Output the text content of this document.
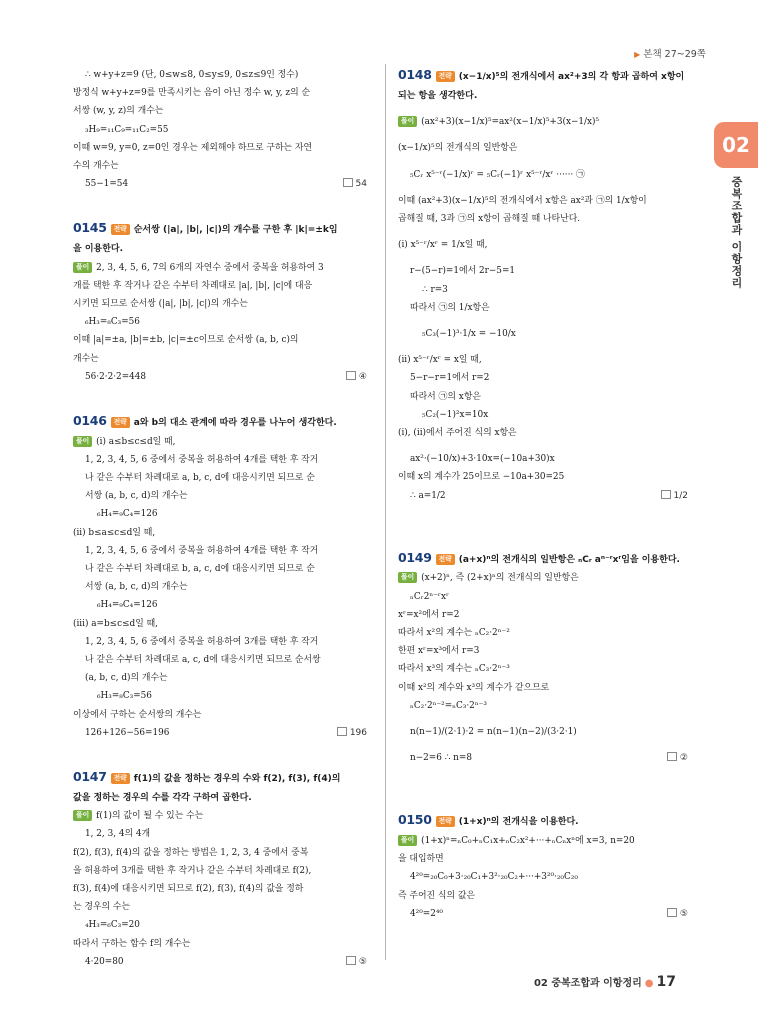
▶ 본책 27~29쪽
02
중복조합과 이항정리
∴ w+y+z=9 (단, 0≤w≤8, 0≤y≤9, 0≤z≤9인 정수)
방정식 w+y+z=9를 만족시키는 음이 아닌 정수 w, y, z의 순
서쌍 (w, y, z)의 개수는
₃H₉=₁₁C₉=₁₁C₂=55
이때 w=9, y=0, z=0인 경우는 제외해야 하므로 구하는 자연
수의 개수는
55−1=54	54
0145 전략 순서쌍 (|a|, |b|, |c|)의 개수를 구한 후 |k|=±k임
을 이용한다.
풀이 2, 3, 4, 5, 6, 7의 6개의 자연수 중에서 중복을 허용하여 3
개를 택한 후 작거나 같은 수부터 차례대로 |a|, |b|, |c|에 대응
시키면 되므로 순서쌍 (|a|, |b|, |c|)의 개수는
₆H₃=₈C₃=56
이때 |a|=±a, |b|=±b, |c|=±c이므로 순서쌍 (a, b, c)의
개수는
56·2·2·2=448	④
0146 전략 a와 b의 대소 관계에 따라 경우를 나누어 생각한다.
풀이 (i) a≤b≤c≤d일 때,
1, 2, 3, 4, 5, 6 중에서 중복을 허용하여 4개를 택한 후 작거
나 같은 수부터 차례대로 a, b, c, d에 대응시키면 되므로 순
서쌍 (a, b, c, d)의 개수는
₆H₄=₉C₄=126
(ii) b≤a≤c≤d일 때,
1, 2, 3, 4, 5, 6 중에서 중복을 허용하여 4개를 택한 후 작거
나 같은 수부터 차례대로 b, a, c, d에 대응시키면 되므로 순
서쌍 (a, b, c, d)의 개수는
₆H₄=₉C₄=126
(iii) a=b≤c≤d일 때,
1, 2, 3, 4, 5, 6 중에서 중복을 허용하여 3개를 택한 후 작거
나 같은 수부터 차례대로 a, c, d에 대응시키면 되므로 순서쌍
(a, b, c, d)의 개수는
₆H₃=₈C₃=56
이상에서 구하는 순서쌍의 개수는
126+126−56=196	196
0147 전략 f(1)의 값을 정하는 경우의 수와 f(2), f(3), f(4)의
값을 정하는 경우의 수를 각각 구하여 곱한다.
풀이 f(1)의 값이 될 수 있는 수는
1, 2, 3, 4의 4개
f(2), f(3), f(4)의 값을 정하는 방법은 1, 2, 3, 4 중에서 중복
을 허용하여 3개를 택한 후 작거나 같은 수부터 차례대로 f(2),
f(3), f(4)에 대응시키면 되므로 f(2), f(3), f(4)의 값을 정하
는 경우의 수는
₄H₃=₆C₃=20
따라서 구하는 함수 f의 개수는
4·20=80	⑤
0148 전략 (x−1/x)⁵의 전개식에서 ax²+3의 각 항과 곱하여 x항이
되는 항을 생각한다.
풀이 (ax²+3)(x−1/x)⁵=ax²(x−1/x)⁵+3(x−1/x)⁵
(x−1/x)⁵의 전개식의 일반항은
₅Cᵣ x⁵⁻ʳ(−1/x)ʳ = ₅Cᵣ(−1)ʳ x⁵⁻ʳ/xʳ ······ ㉠
이때 (ax²+3)(x−1/x)⁵의 전개식에서 x항은 ax²과 ㉠의 1/x항이
곱해질 때, 3과 ㉠의 x항이 곱해질 때 나타난다.
(i) x⁵⁻ʳ/xʳ = 1/x일 때,
r−(5−r)=1에서 2r−5=1
∴ r=3
따라서 ㉠의 1/x항은
₅C₃(−1)³·1/x = −10/x
(ii) x⁵⁻ʳ/xʳ = x일 때,
5−r−r=1에서 r=2
따라서 ㉠의 x항은
₅C₂(−1)²x=10x
(i), (ii)에서 주어진 식의 x항은
ax²·(−10/x)+3·10x=(−10a+30)x
이때 x의 계수가 25이므로 −10a+30=25
∴ a=1/2	1/2
0149 전략 (a+x)ⁿ의 전개식의 일반항은 ₙCᵣ aⁿ⁻ʳxʳ임을 이용한다.
풀이 (x+2)ⁿ, 즉 (2+x)ⁿ의 전개식의 일반항은
ₙCᵣ2ⁿ⁻ʳxʳ
xʳ=x²에서 r=2
따라서 x²의 계수는 ₙC₂·2ⁿ⁻²
한편 xʳ=x³에서 r=3
따라서 x³의 계수는 ₙC₃·2ⁿ⁻³
이때 x²의 계수와 x³의 계수가 같으므로
ₙC₂·2ⁿ⁻²=ₙC₃·2ⁿ⁻³
n(n−1)/(2·1)·2 = n(n−1)(n−2)/(3·2·1)
n−2=6 ∴ n=8	②
0150 전략 (1+x)ⁿ의 전개식을 이용한다.
풀이 (1+x)ⁿ=ₙC₀+ₙC₁x+ₙC₂x²+···+ₙCₙxⁿ에 x=3, n=20
을 대입하면
4²⁰=₂₀C₀+3·₂₀C₁+3²·₂₀C₂+···+3²⁰·₂₀C₂₀
즉 주어진 식의 값은
4²⁰=2⁴⁰	⑤
02 중복조합과 이항정리 ● 17
